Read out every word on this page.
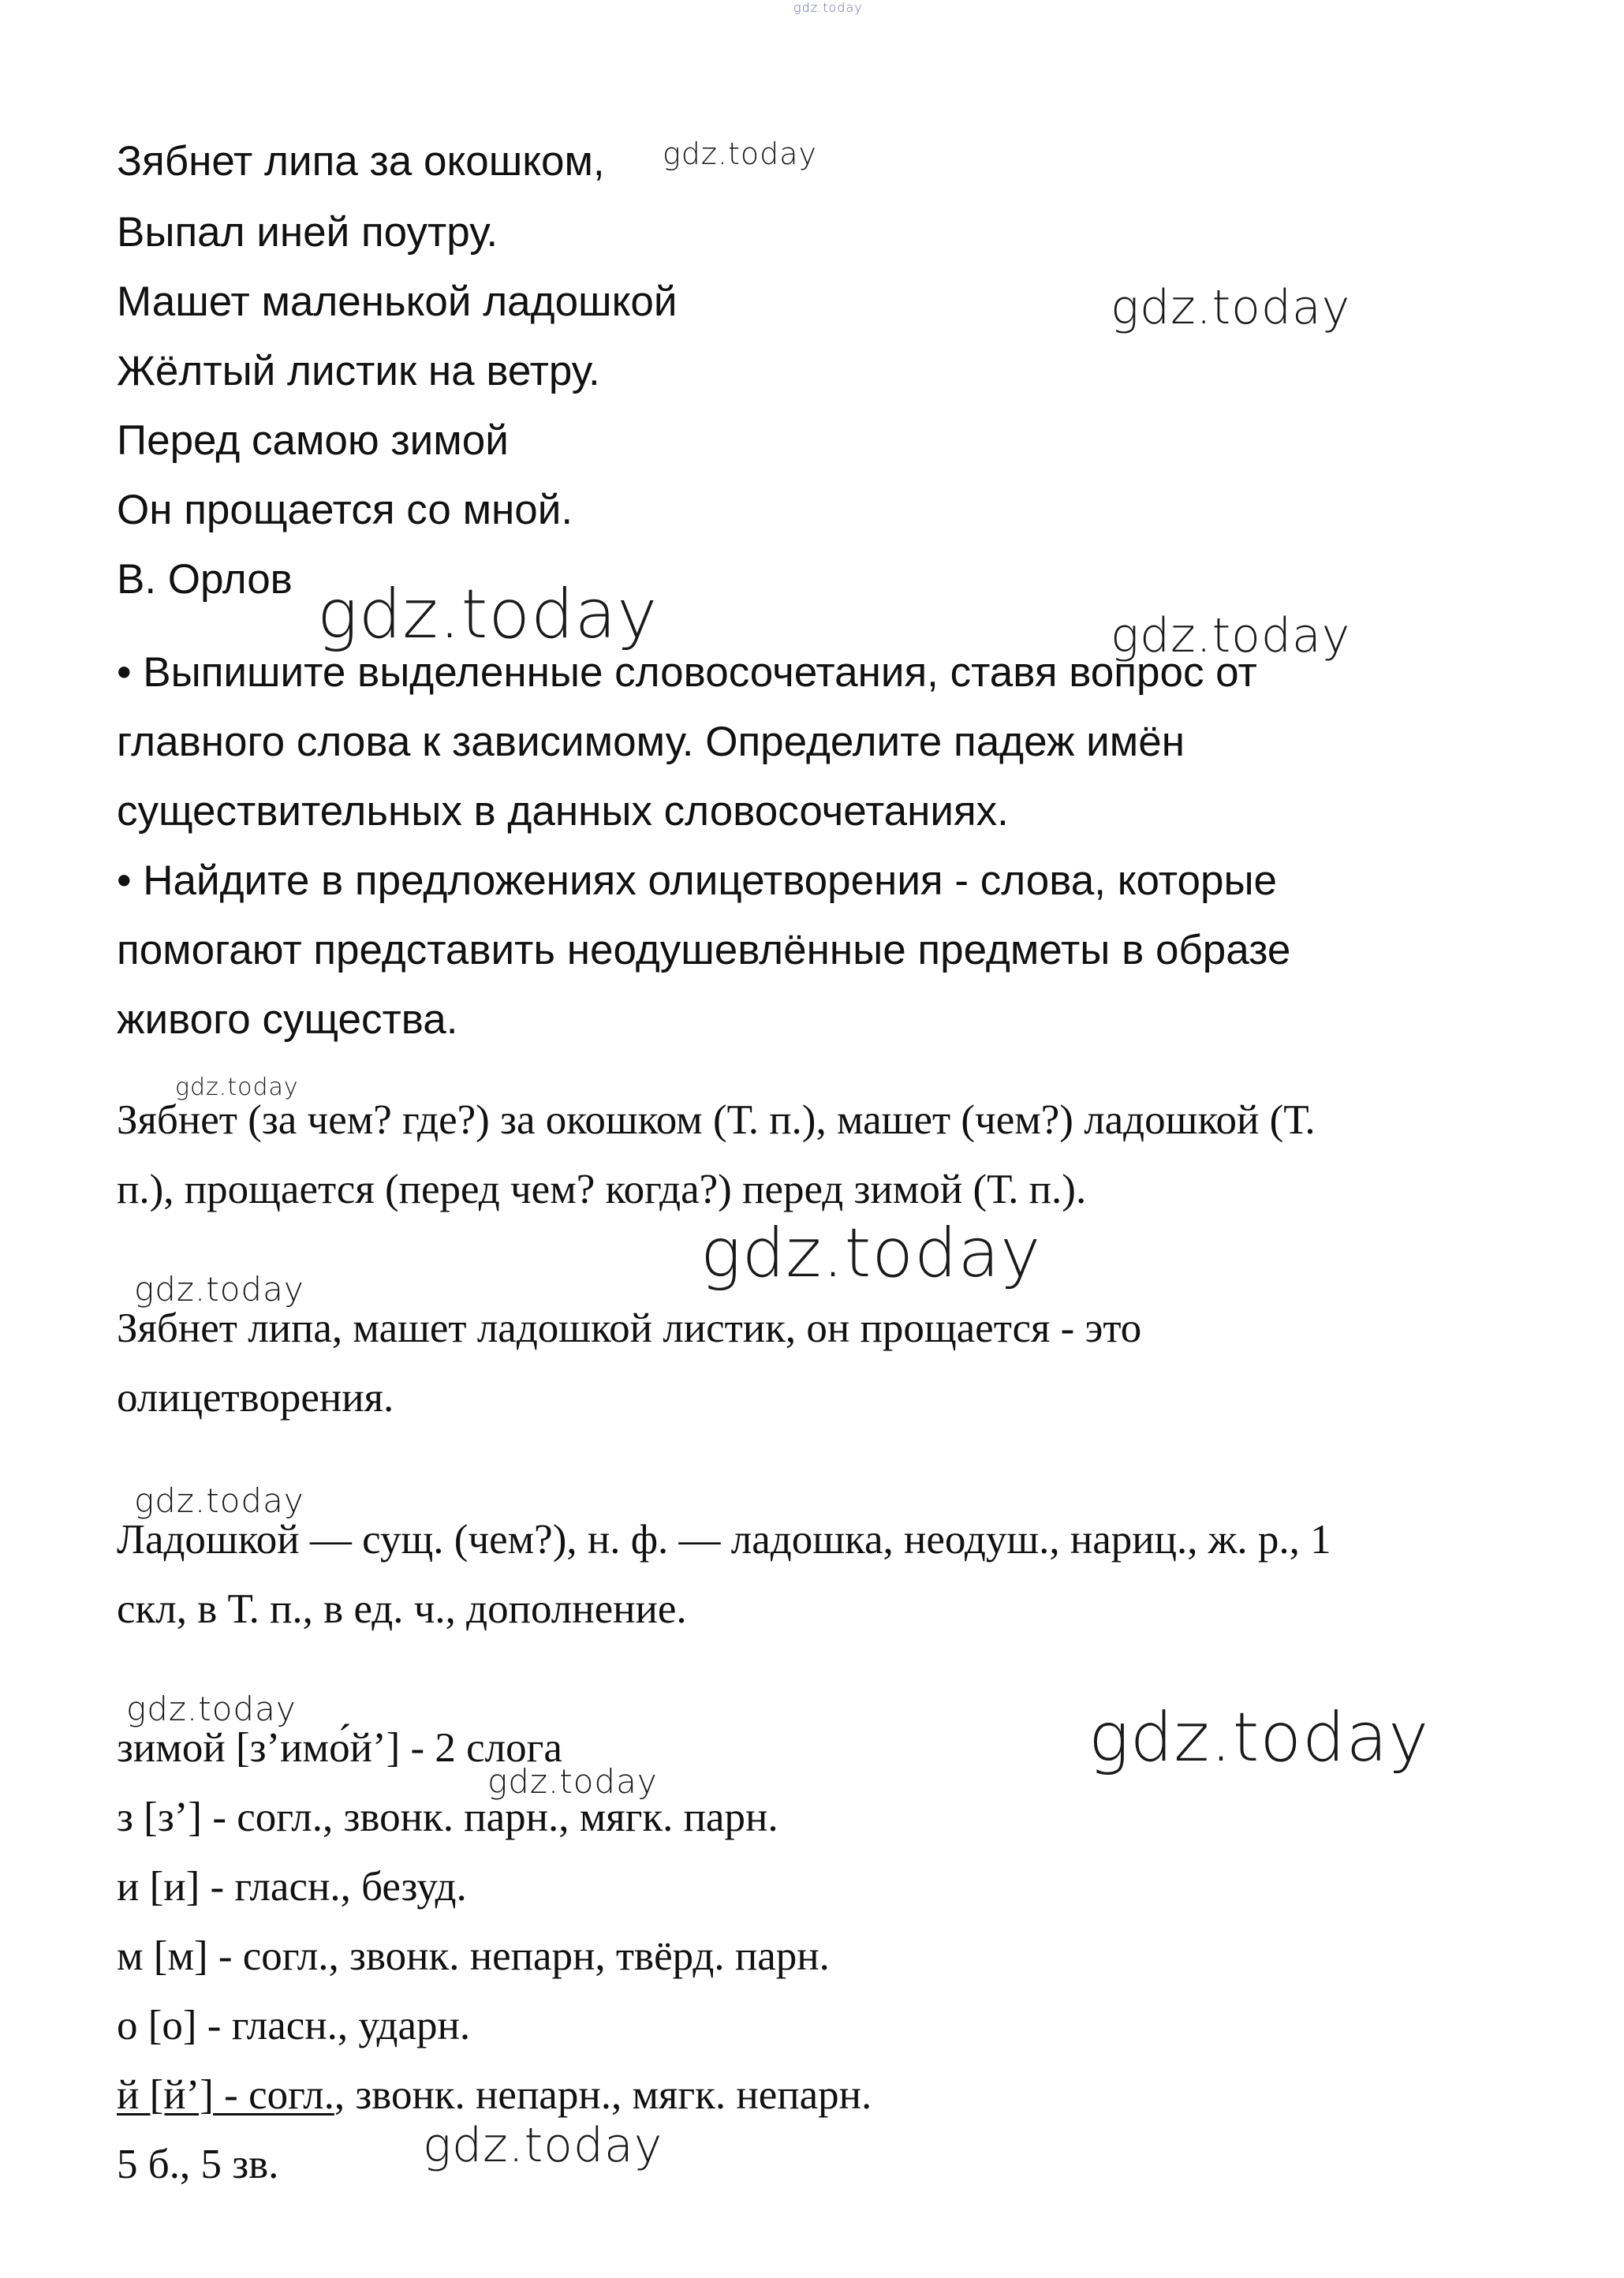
gdz.today
gdz.today
gdz.today
gdz.today	gdz.today
gdz.today
gdz.today
gdz.today
gdz.today
gdz.today	gdz.today
gdz.today
gdz.today
Зябнет липа за окошком,
Выпал иней поутру.
Машет маленькой ладошкой
Жёлтый листик на ветру.
Перед самою зимой
Он прощается со мной.
В. Орлов
• Выпишите выделенные словосочетания, ставя вопрос от
главного слова к зависимому. Определите падеж имён
существительных в данных словосочетаниях.
• Найдите в предложениях олицетворения - слова, которые
помогают представить неодушевлённые предметы в образе
живого существа.
Зябнет (за чем? где?) за окошком (Т. п.), машет (чем?) ладошкой (Т.
п.), прощается (перед чем? когда?) перед зимой (Т. п.).
Зябнет липа, машет ладошкой листик, он прощается - это
олицетворения.
Ладошкой — сущ. (чем?), н. ф. — ладошка, неодуш., нариц., ж. р., 1
скл, в Т. п., в ед. ч., дополнение.
зимой [з’имо́й’] - 2 слога
з [з’] - согл., звонк. парн., мягк. парн.
и [и] - гласн., безуд.
м [м] - согл., звонк. непарн, твёрд. парн.
о [о] - гласн., ударн.
й [й’] - согл., звонк. непарн., мягк. непарн.
5 б., 5 зв.
